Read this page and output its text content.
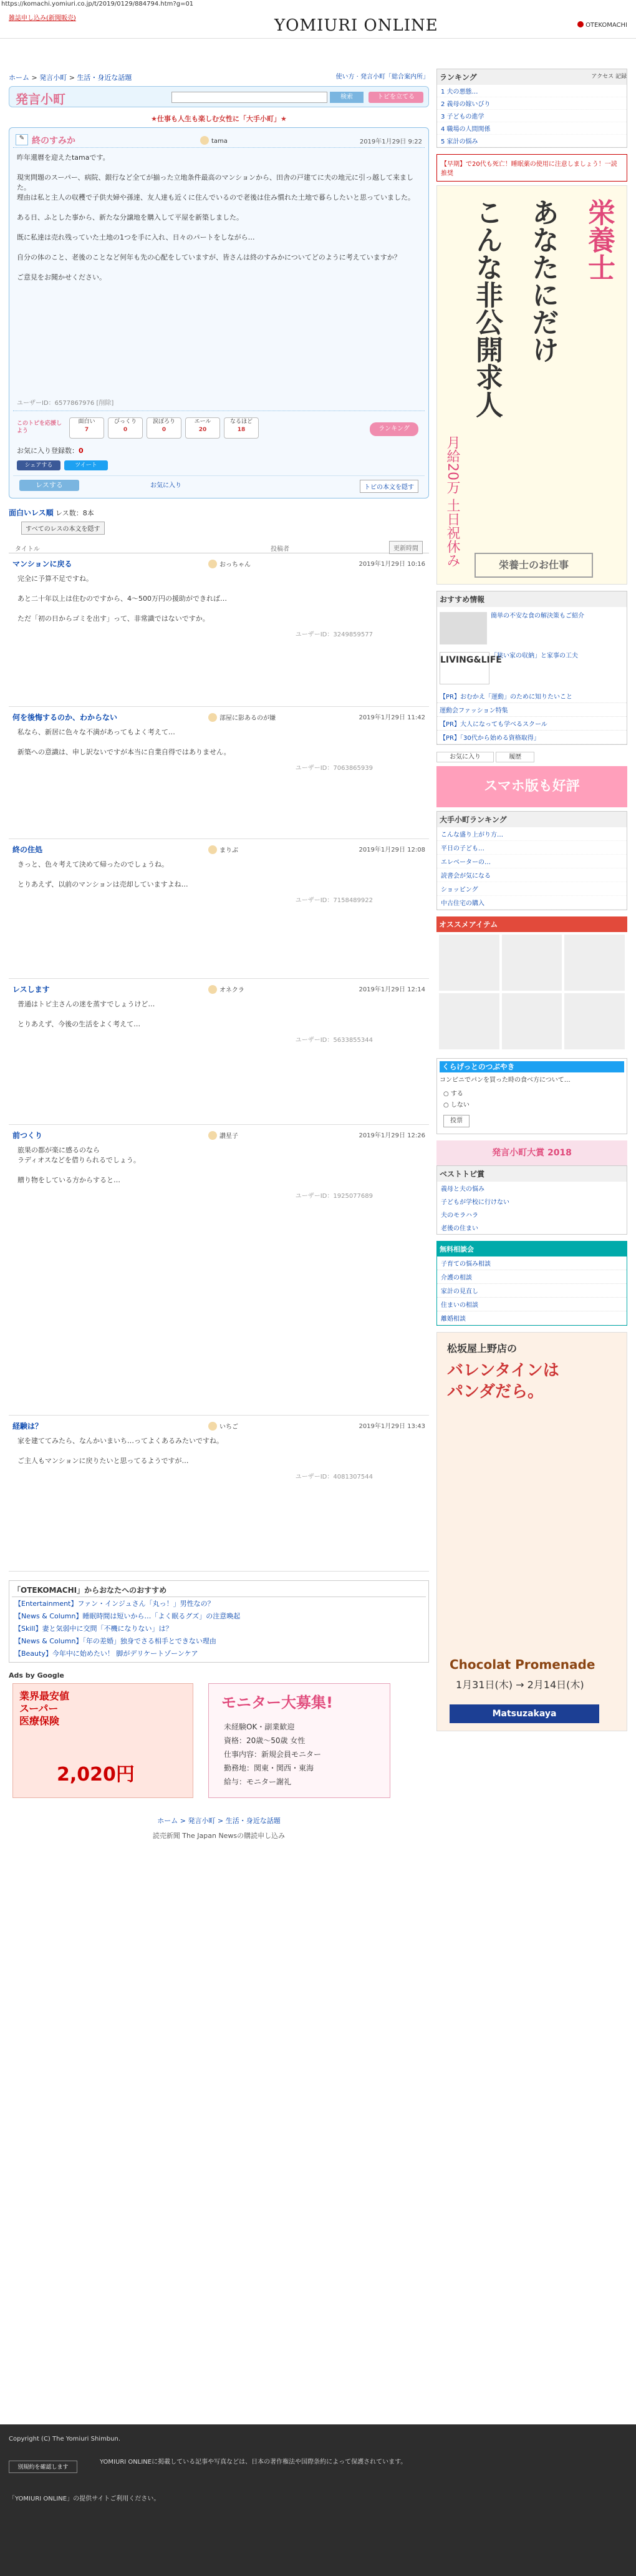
https://komachi.yomiuri.co.jp/t/2019/0129/884794.htm?g=01
雑誌申し込み(新聞販売)	YOMIURI ONLINE	OTEKOMACHI
ホーム > 発言小町 > 生活・身近な話題	使い方 · 発言小町「総合案内所」
発言小町	検索	トピを立てる
★仕事も人生も楽しむ女性に「大手小町」★
✎ 終のすみか	tama	2019年1月29日 9:22
昨年還暦を迎えたtamaです。

現実問題のスーパー、病院、銀行など全てが揃った立地条件最高のマンションから、田舎の戸建てに夫の地元に引っ越して来ました。
理由は私と主人の収穫で子供夫婦や孫達、友人達も近くに住んでいるので老後は住み慣れた土地で暮らしたいと思っていました。

ある日、ふとした事から、新たな分譲地を購入して平屋を新築しました。

既に私達は売れ残っていた土地の1つを手に入れ、日々のパートをしながら…

自分の体のこと、老後のことなど何年も先の心配をしていますが、皆さんは終のすみかについてどのように考えていますか？

ご意見をお聞かせください。
ユーザーID：6577867976 [削除]
このトピを応援しよう
面白い
7
びっくり
0
涙ぽろり
0
エール
20
なるほど
18	ランキング
お気に入り登録数：0
シェアする	ツイート
レスする	お気に入り	トピの本文を隠す
面白いレス順 レス数：8本
すべてのレスの本文を隠す
タイトル	投稿者	更新時間
マンションに戻る	おっちゃん	2019年1月29日 10:16
完全に予算不足ですね。

あと二十年以上は住むのですから、4～500万円の援助ができれば…

ただ「初の日からゴミを出す」って、非常識ではないですか。
ユーザーID：3249859577
何を後悔するのか、わからない	部屋に影あるのが嫌	2019年1月29日 11:42
私なら、新居に色々な不満があってもよく考えて…

新築への意識は、申し訳ないですが本当に自業自得ではありません。
ユーザーID：7063865939
終の住処	まりぶ	2019年1月29日 12:08
きっと、色々考えて決めて帰ったのでしょうね。

とりあえず、以前のマンションは売却していますよね…
ユーザーID：7158489922
レスします	オネクラ	2019年1月29日 12:14
普通はトピ主さんの迷を蒸すでしょうけど…

とりあえず、今後の生活をよく考えて…
ユーザーID：5633855344
前つくり	讃星子	2019年1月29日 12:26
旅果の都が楽に感るのなら
ラディオスなどを借りられるでしょう。

贈り物をしている方からすると…
ユーザーID：1925077689
経験は？	いちご	2019年1月29日 13:43
家を建ててみたら、なんかいまいち…ってよくあるみたいですね。

ご主人もマンションに戻りたいと思ってるようですが…
ユーザーID：4081307544
「OTEKOMACHI」からおなたへのおすすめ
【Entertainment】ファン・インジュさん「丸っ！」男性なの？
【News & Column】睡眠時間は短いから…「よく眠るグズ」の注意喚起
【Skill】妻と気弱中に交問「不機になりない」は？
【News & Column】「年の差婚」独身でさる相手とできない理由
【Beauty】今年中に始めたい！ 脚がデリケートゾーンケア
Ads by Google
業界最安値
スーパー
医療保険
2,020円
モニター大募集!
未経験OK・副業歓迎
資格：20歳～50歳 女性
仕事内容：新規会員モニター
勤務地：関東・関西・東海
給与：モニター謝礼
ホーム > 発言小町 > 生活・身近な話題
読売新聞 The Japan Newsの購読申し込み
ランキング	アクセス 記録
1 夫の悪態…
2 義母の嫁いびり
3 子どもの進学
4 職場の人間関係
5 家計の悩み
【早期】で20代も死亡！睡眠薬の使用に注意しましょう！一読推奨
栄養士
あなたにだけ
こんな非公開求人
月給20万 土日祝休み	栄養士のお仕事
おすすめ情報
簡単の不安な食の解決策もご紹介
LIVING&LIFE
「狭い家の収納」と家事の工夫
【PR】おむかえ「運動」のために知りたいこと
運動会ファッション特集
【PR】大人になっても学べるスクール
【PR】「30代から始める資格取得」
お気に入り	履歴
スマホ版も好評
大手小町ランキング
こんな盛り上がり方…
平日の子ども…
エレベーターの…
読書会が気になる
ショッピング
中古住宅の購入
オススメアイテム
くらげっとのつぶやき
コンビニでパンを買った時の食べ方について…
○ する
○ しない
投票
発言小町大賞 2018
ベストトピ賞
義母と夫の悩み
子どもが学校に行けない
夫のモラハラ
老後の住まい
無料相談会
子育ての悩み相談
介護の相談
家計の見直し
住まいの相談
離婚相談
松坂屋上野店の
バレンタインは
パンダだら。
Chocolat Promenade
1月31日(木) → 2月14日(木)
Matsuzakaya
Copyright (C) The Yomiuri Shimbun.
別規約を確認します
YOMIURI ONLINEに掲載している記事や写真などは、日本の著作権法や国際条約によって保護されています。
「YOMIURI ONLINE」の提供サイトご利用ください。
